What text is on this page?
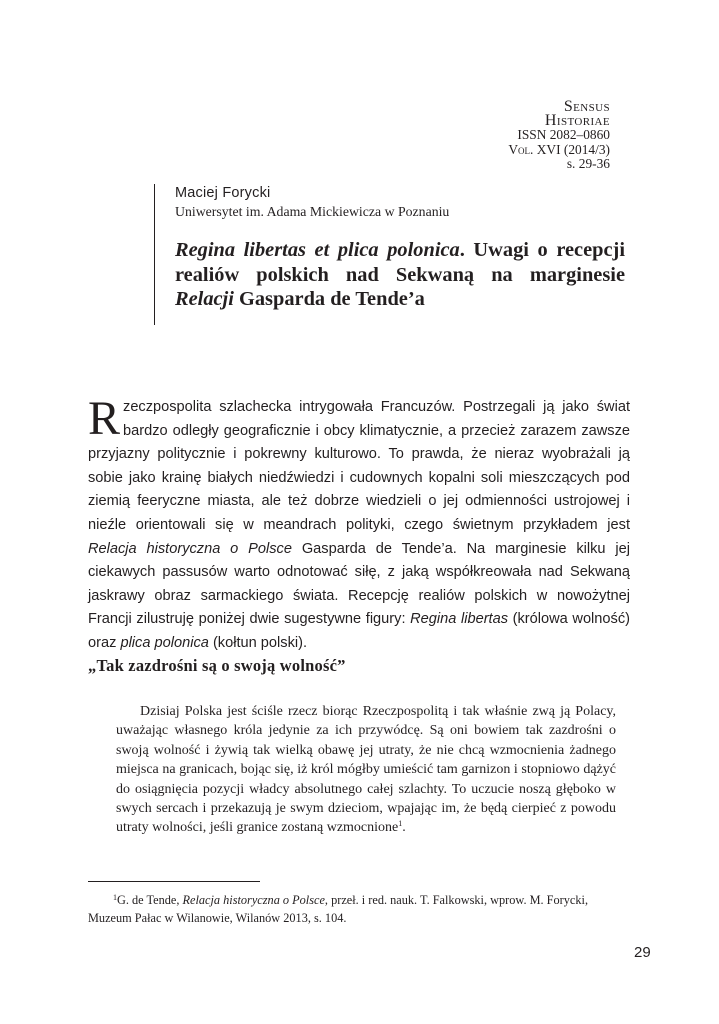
Sensus
Historiae
ISSN 2082–0860
Vol. XVI (2014/3)
s. 29-36
Maciej Forycki
Uniwersytet im. Adama Mickiewicza w Poznaniu
Regina libertas et plica polonica. Uwagi o recepcji realiów polskich nad Sekwaną na marginesie Relacji Gasparda de Tende’a
Rzeczpospolita szlachecka intrygowała Francuzów. Postrzegali ją jako świat bardzo odległy geograficznie i obcy klimatycznie, a przecież zarazem zawsze przyjazny politycznie i pokrewny kulturowo. To prawda, że nieraz wyobrażali ją sobie jako krainę białych niedźwiedzi i cudownych kopalni soli mieszczących pod ziemią feeryczne miasta, ale też dobrze wiedzieli o jej odmienności ustrojowej i nieźle orientowali się w meandrach polityki, czego świetnym przykładem jest Relacja historyczna o Polsce Gasparda de Tende’a. Na marginesie kilku jej ciekawych passusów warto odnotować siłę, z jaką współkreowała nad Sekwaną jaskrawy obraz sarmackiego świata. Recepcję realiów polskich w nowożytnej Francji zilustruję poniżej dwie sugestywne figury: Regina libertas (królowa wolność) oraz plica polonica (kołtun polski).
„Tak zazdrośni są o swoją wolność”
Dzisiaj Polska jest ściśle rzecz biorąc Rzeczpospolitą i tak właśnie zwą ją Polacy, uważając własnego króla jedynie za ich przywódcę. Są oni bowiem tak zazdrośni o swoją wolność i żywią tak wielką obawę jej utraty, że nie chcą wzmocnienia żadnego miejsca na granicach, bojąc się, iż król mógłby umieścić tam garnizon i stopniowo dążyć do osiągnięcia pozycji władcy absolutnego całej szlachty. To uczucie noszą głęboko w swych sercach i przekazują je swym dzieciom, wpajając im, że będą cierpieć z powodu utraty wolności, jeśli granice zostaną wzmocnione$^1$.
$^1$G. de Tende, Relacja historyczna o Polsce, przeł. i red. nauk. T. Falkowski, wprow. M. Forycki, Muzeum Pałac w Wilanowie, Wilanów 2013, s. 104.
29
